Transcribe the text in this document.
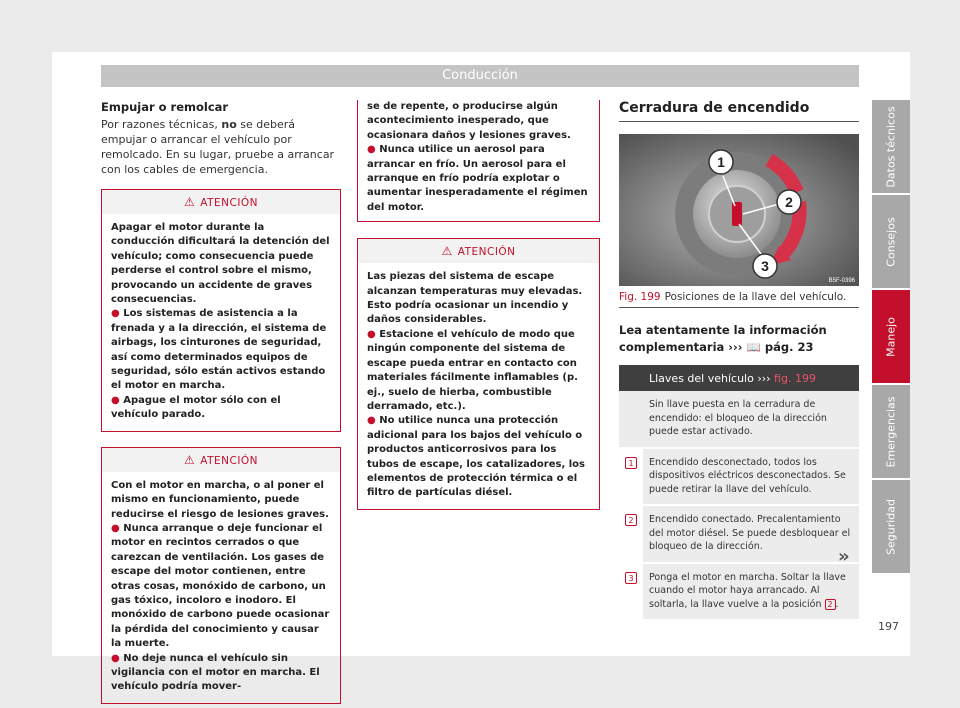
Conducción
Empujar o remolcar
Por razones técnicas, no se deberá empujar o arrancar el vehículo por remolcado. En su lugar, pruebe a arrancar con los cables de emergencia.
⚠ ATENCIÓN
Apagar el motor durante la conducción dificultará la detención del vehículo; como consecuencia puede perderse el control sobre el mismo, provocando un accidente de graves consecuencias.
● Los sistemas de asistencia a la frenada y a la dirección, el sistema de airbags, los cinturones de seguridad, así como determinados equipos de seguridad, sólo están activos estando el motor en marcha.
● Apague el motor sólo con el vehículo parado.
⚠ ATENCIÓN
Con el motor en marcha, o al poner el mismo en funcionamiento, puede reducirse el riesgo de lesiones graves.
● Nunca arranque o deje funcionar el motor en recintos cerrados o que carezcan de ventilación. Los gases de escape del motor contienen, entre otras cosas, monóxido de carbono, un gas tóxico, incoloro e inodoro. El monóxido de carbono puede ocasionar la pérdida del conocimiento y causar la muerte.
● No deje nunca el vehículo sin vigilancia con el motor en marcha. El vehículo podría mover-
se de repente, o producirse algún acontecimiento inesperado, que ocasionara daños y lesiones graves.
● Nunca utilice un aerosol para arrancar en frío. Un aerosol para el arranque en frío podría explotar o aumentar inesperadamente el régimen del motor.
⚠ ATENCIÓN
Las piezas del sistema de escape alcanzan temperaturas muy elevadas. Esto podría ocasionar un incendio y daños considerables.
● Estacione el vehículo de modo que ningún componente del sistema de escape pueda entrar en contacto con materiales fácilmente inflamables (p. ej., suelo de hierba, combustible derramado, etc.).
● No utilice nunca una protección adicional para los bajos del vehículo o productos anticorrosivos para los tubos de escape, los catalizadores, los elementos de protección térmica o el filtro de partículas diésel.
Cerradura de encendido
1
2
3
B5F-0396
Fig. 199 Posiciones de la llave del vehículo.
Lea atentamente la información complementaria ››› 📖 pág. 23
Llaves del vehículo ››› fig. 199	
	Sin llave puesta en la cerradura de encendido: el bloqueo de la dirección puede estar activado.
1	Encendido desconectado, todos los dispositivos eléctricos desconectados. Se puede retirar la llave del vehículo.
2	Encendido conectado. Precalentamiento del motor diésel. Se puede desbloquear el bloqueo de la dirección.
3	Ponga el motor en marcha. Soltar la llave cuando el motor haya arrancado. Al soltarla, la llave vuelve a la posición 2 .
»
Datos técnicos
Consejos
Manejo
Emergencias
Seguridad
197
